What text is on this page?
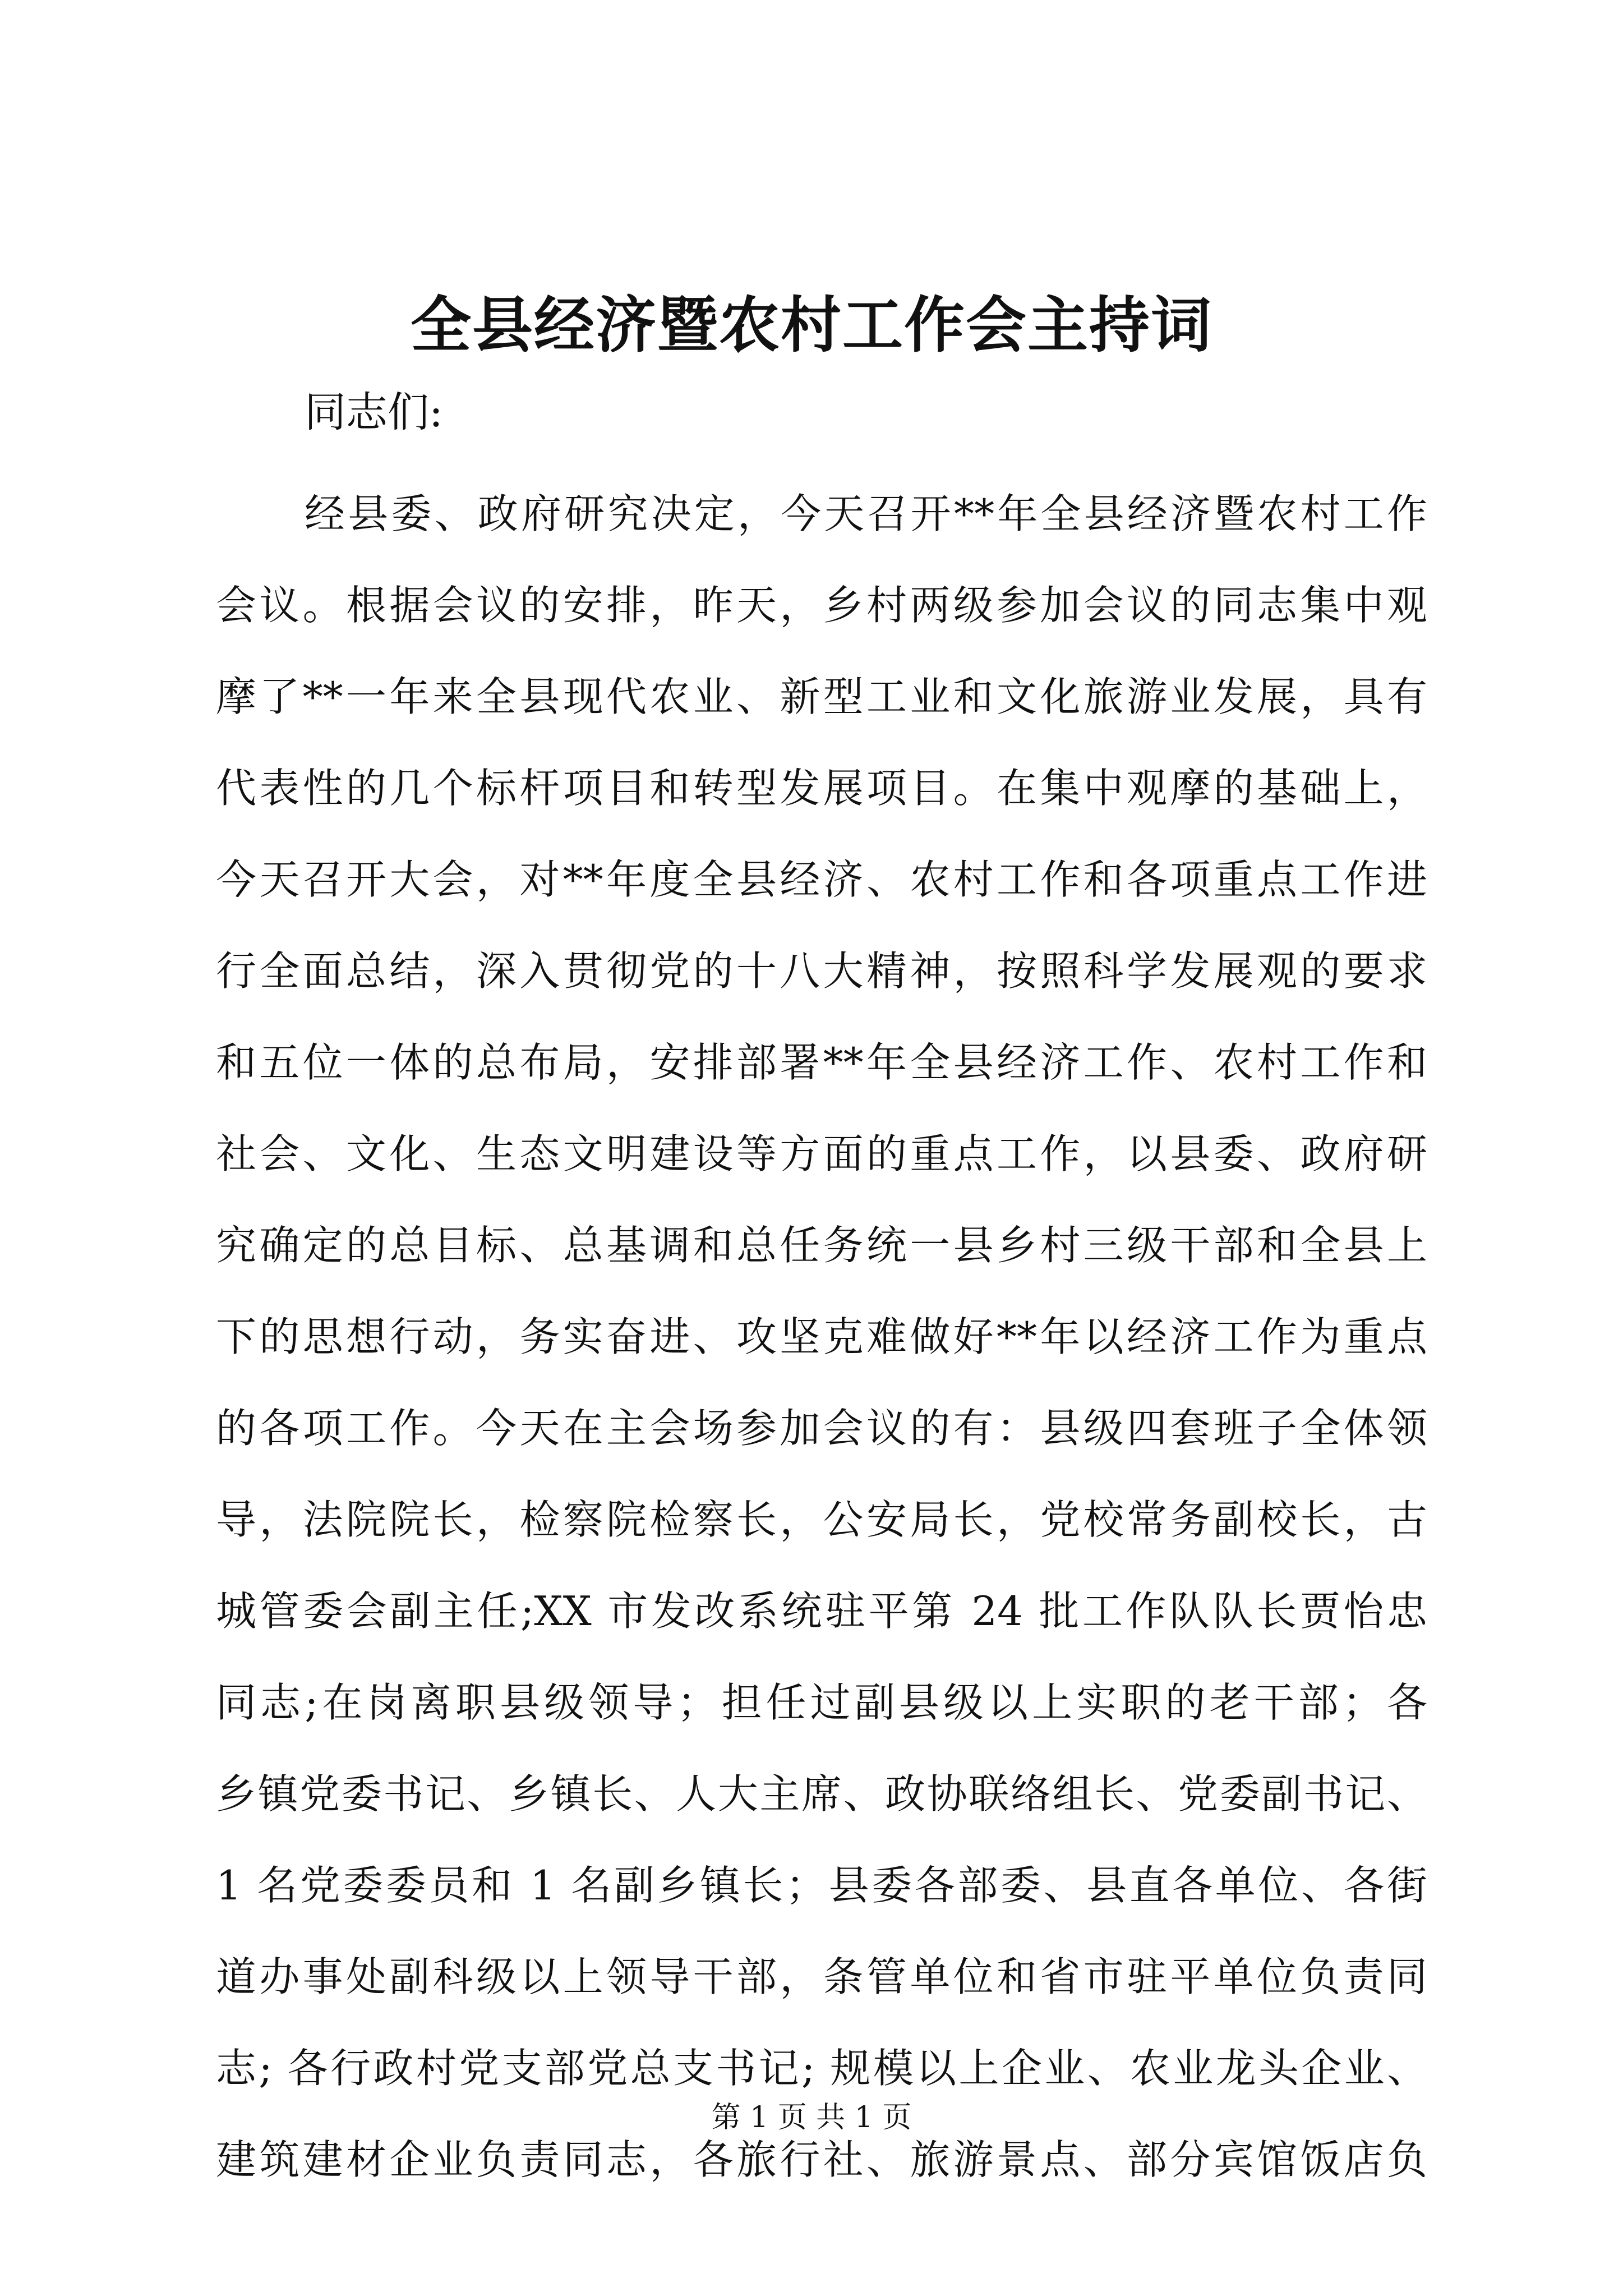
全县经济暨农村工作会主持词

同志们:

经县委、政府研究决定，今天召开**年全县经济暨农村工作
会议。根据会议的安排，昨天，乡村两级参加会议的同志集中观
摩了**一年来全县现代农业、新型工业和文化旅游业发展，具有
代表性的几个标杆项目和转型发展项目。在集中观摩的基础上，
今天召开大会，对**年度全县经济、农村工作和各项重点工作进
行全面总结，深入贯彻党的十八大精神，按照科学发展观的要求
和五位一体的总布局，安排部署**年全县经济工作、农村工作和
社会、文化、生态文明建设等方面的重点工作，以县委、政府研
究确定的总目标、总基调和总任务统一县乡村三级干部和全县上
下的思想行动，务实奋进、攻坚克难做好**年以经济工作为重点
的各项工作。今天在主会场参加会议的有：县级四套班子全体领
导，法院院长，检察院检察长，公安局长，党校常务副校长，古
城管委会副主任;XX 市发改系统驻平第 24 批工作队队长贾怡忠
同志;在岗离职县级领导；担任过副县级以上实职的老干部；各
乡镇党委书记、乡镇长、人大主席、政协联络组长、党委副书记、
1 名党委委员和 1 名副乡镇长；县委各部委、县直各单位、各街
道办事处副科级以上领导干部，条管单位和省市驻平单位负责同
志; 各行政村党支部党总支书记; 规模以上企业、农业龙头企业、
建筑建材企业负责同志，各旅行社、旅游景点、部分宾馆饭店负

第 1 页 共 1 页
